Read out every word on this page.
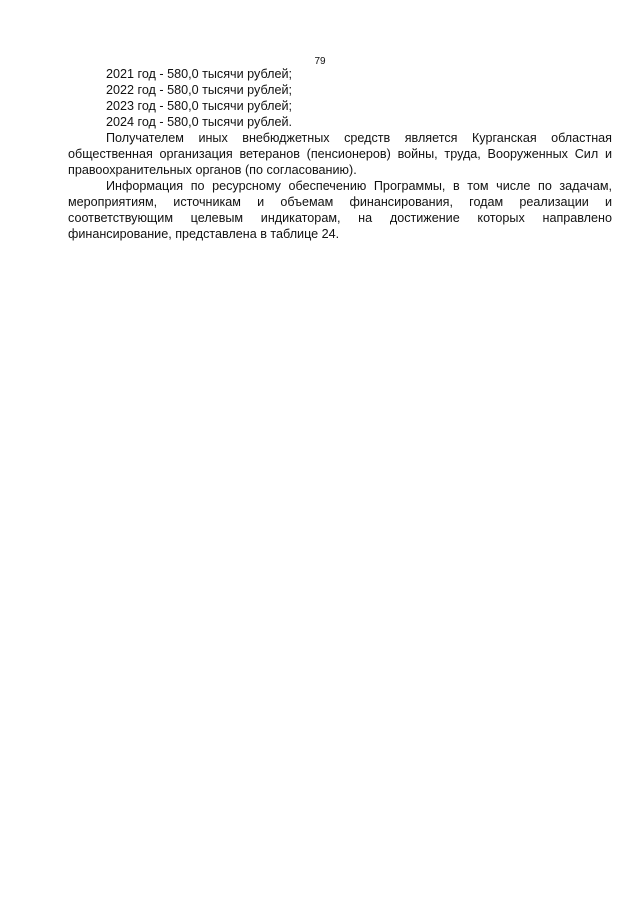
79

2021 год - 580,0 тысячи рублей;

2022 год - 580,0 тысячи рублей;

2023 год - 580,0 тысячи рублей;

2024 год - 580,0 тысячи рублей.

Получателем иных внебюджетных средств является Курганская областная общественная организация ветеранов (пенсионеров) войны, труда, Вооруженных Сил и правоохранительных органов (по согласованию).

Информация по ресурсному обеспечению Программы, в том числе по задачам, мероприятиям, источникам и объемам финансирования, годам реализации и соответствующим целевым индикаторам, на достижение которых направлено финансирование, представлена в таблице 24.
